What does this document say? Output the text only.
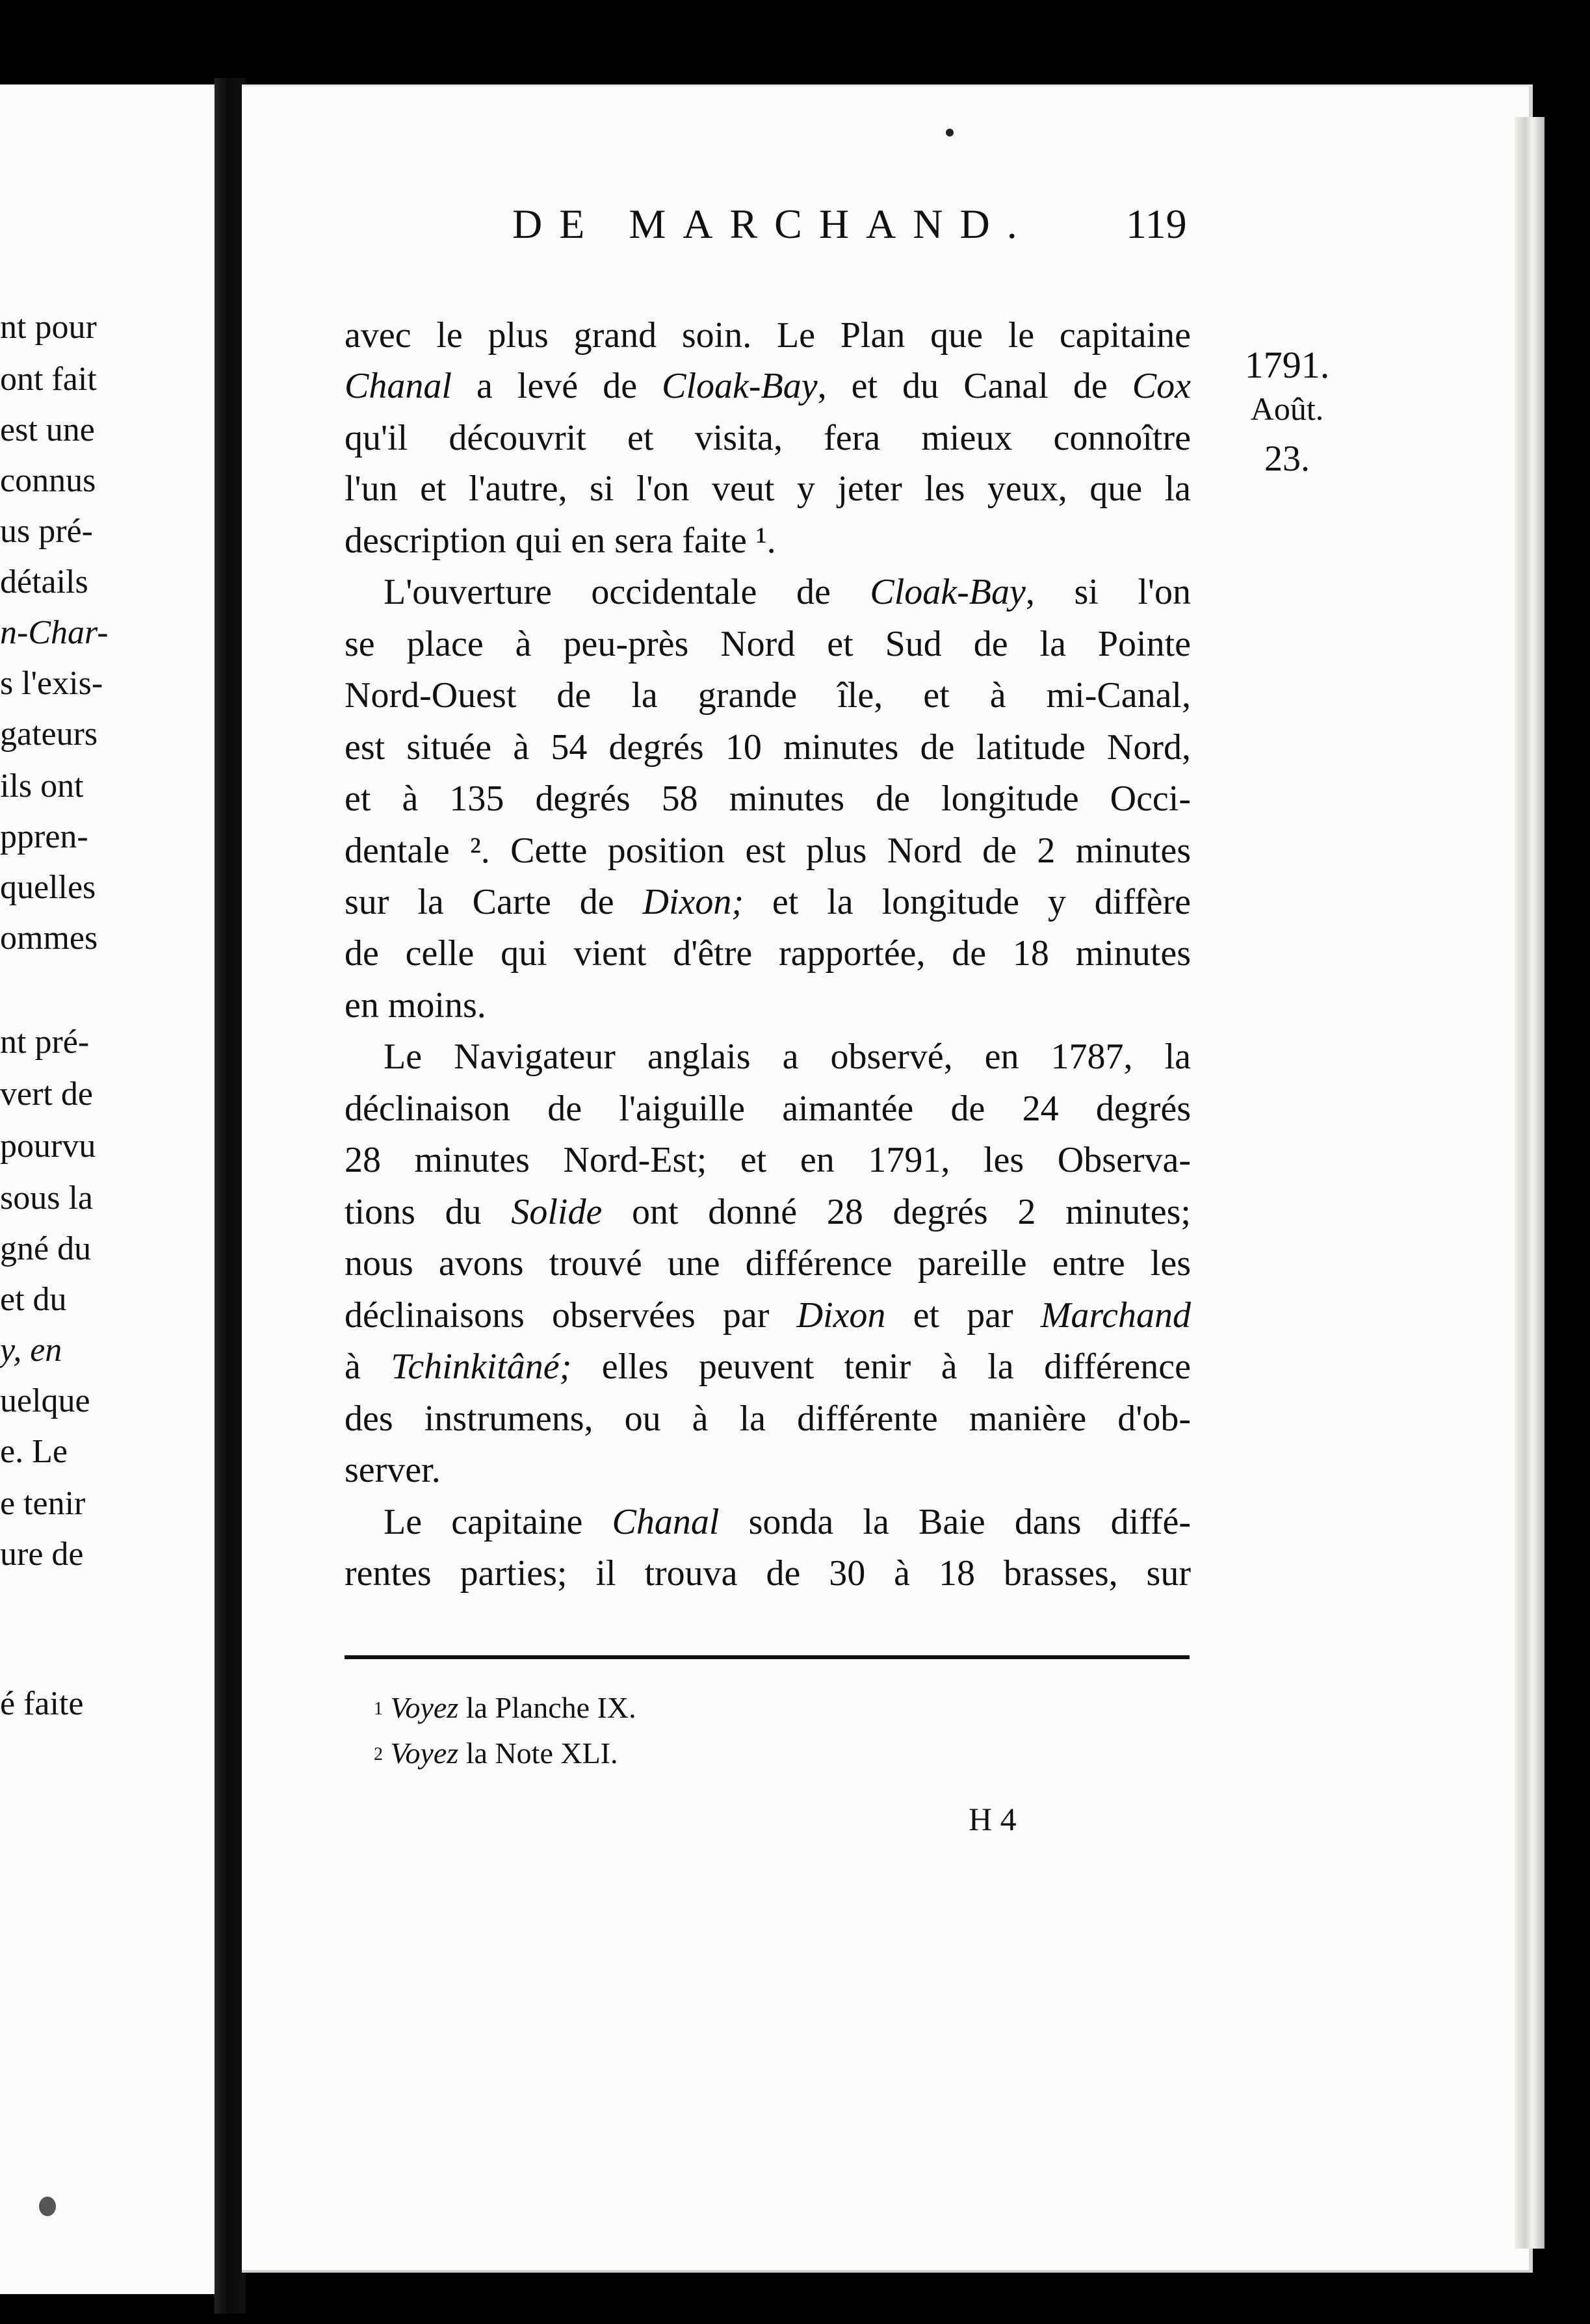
nt pour
ont fait
est une
connus
us pré-
détails
n-Char-
s l'exis-
gateurs
ils ont
ppren-
quelles
ommes
nt pré-
vert de
pourvu
sous la
gné du
et du
y, en
uelque
e. Le
e tenir
ure de
é faite
DE MARCHAND. 119
1791.
Août.
23.
avec le plus grand soin. Le Plan que le capitaine
Chanal a levé de Cloak-Bay, et du Canal de Cox
qu'il découvrit et visita, fera mieux connoître
l'un et l'autre, si l'on veut y jeter les yeux, que la
description qui en sera faite ¹.
L'ouverture occidentale de Cloak-Bay, si l'on
se place à peu-près Nord et Sud de la Pointe
Nord-Ouest de la grande île, et à mi-Canal,
est située à 54 degrés 10 minutes de latitude Nord,
et à 135 degrés 58 minutes de longitude Occi-
dentale ². Cette position est plus Nord de 2 minutes
sur la Carte de Dixon; et la longitude y diffère
de celle qui vient d'être rapportée, de 18 minutes
en moins.
Le Navigateur anglais a observé, en 1787, la
déclinaison de l'aiguille aimantée de 24 degrés
28 minutes Nord-Est; et en 1791, les Observa-
tions du Solide ont donné 28 degrés 2 minutes;
nous avons trouvé une différence pareille entre les
déclinaisons observées par Dixon et par Marchand
à Tchinkitâné; elles peuvent tenir à la différence
des instrumens, ou à la différente manière d'ob-
server.
Le capitaine Chanal sonda la Baie dans diffé-
rentes parties; il trouva de 30 à 18 brasses, sur
$^1$ Voyez la Planche IX.
$^2$ Voyez la Note XLI.
H 4
